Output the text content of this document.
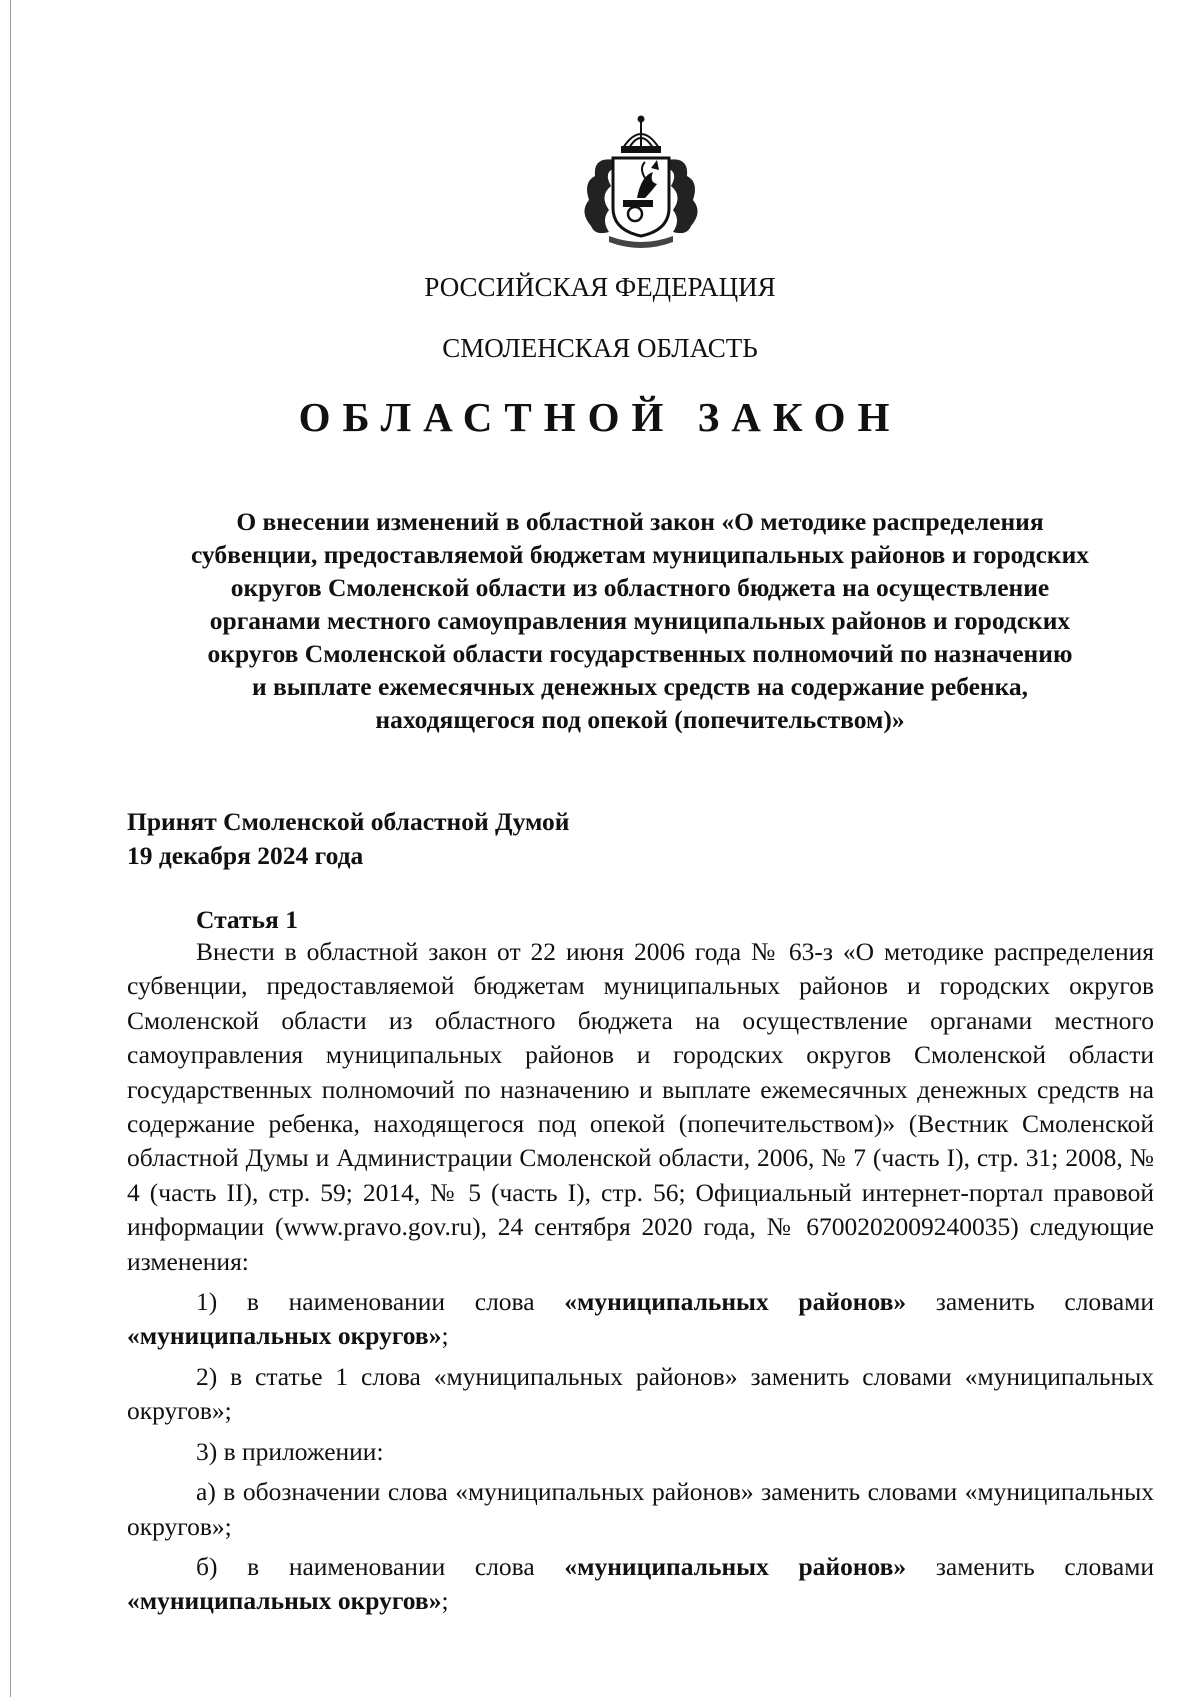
РОССИЙСКАЯ ФЕДЕРАЦИЯ
СМОЛЕНСКАЯ ОБЛАСТЬ
ОБЛАСТНОЙ ЗАКОН
О внесении изменений в областной закон «О методике распределения
субвенции, предоставляемой бюджетам муниципальных районов и городских
округов Смоленской области из областного бюджета на осуществление
органами местного самоуправления муниципальных районов и городских
округов Смоленской области государственных полномочий по назначению
и выплате ежемесячных денежных средств на содержание ребенка,
находящегося под опекой (попечительством)»
Принят Смоленской областной Думой
19 декабря 2024 года
Статья 1

Внести в областной закон от 22 июня 2006 года № 63-з «О методике распределения субвенции, предоставляемой бюджетам муниципальных районов и городских округов Смоленской области из областного бюджета на осуществление органами местного самоуправления муниципальных районов и городских округов Смоленской области государственных полномочий по назначению и выплате ежемесячных денежных средств на содержание ребенка, находящегося под опекой (попечительством)» (Вестник Смоленской областной Думы и Администрации Смоленской области, 2006, № 7 (часть I), стр. 31; 2008, № 4 (часть II), стр. 59; 2014, № 5 (часть I), стр. 56; Официальный интернет-портал правовой информации (www.pravo.gov.ru), 24 сентября 2020 года, № 6700202009240035) следующие изменения:

1) в наименовании слова «муниципальных районов» заменить словами «муниципальных округов»;

2) в статье 1 слова «муниципальных районов» заменить словами «муниципальных округов»;

3) в приложении:

а) в обозначении слова «муниципальных районов» заменить словами «муниципальных округов»;

б) в наименовании слова «муниципальных районов» заменить словами «муниципальных округов»;
